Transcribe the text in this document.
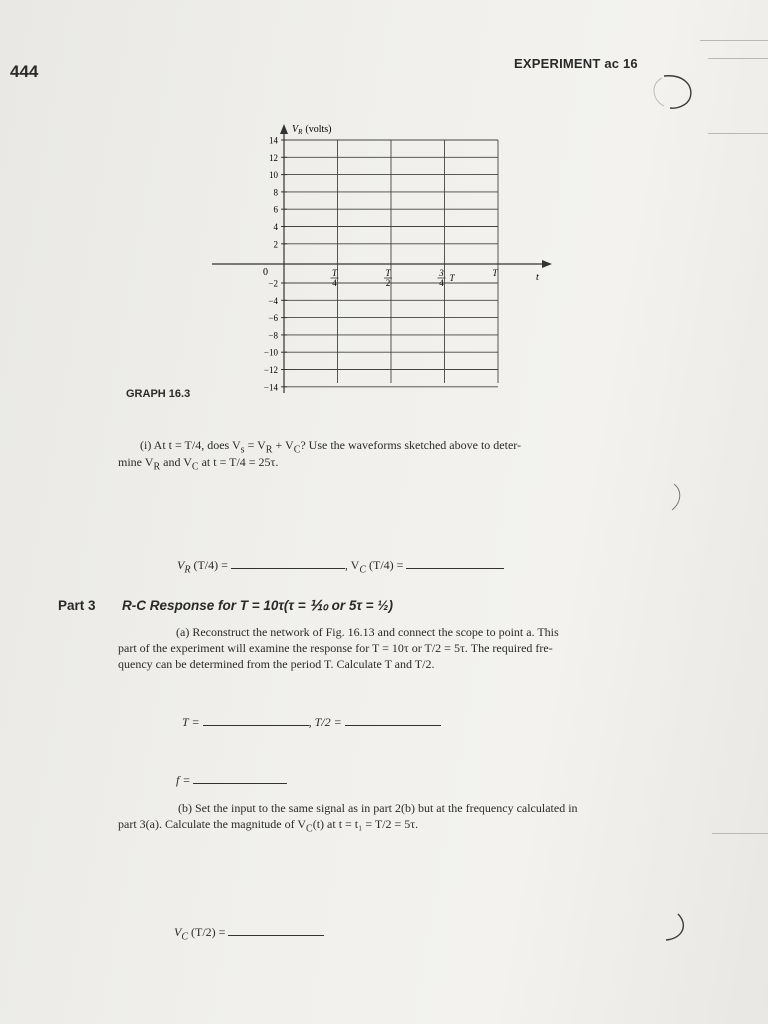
444	EXPERIMENT ac 16
14
12
10
8
6
4
2
−2
−4
−6
−8
−10
−12
−14
T
4
T
2
3
4 T	T
$V_R$ (volts)
0	t
GRAPH 16.3
(i) At t = T/4, does $V_s = V_R + V_C$? Use the waveforms sketched above to deter-
mine $V_R$ and $V_C$ at t = T/4 = 25τ.
$V_R$ (T/4) =	, $V_C$ (T/4) =
Part 3 R-C Response for T = 10τ(τ = ⅒ or 5τ = ½)
(a) Reconstruct the network of Fig. 16.13 and connect the scope to point a. This
part of the experiment will examine the response for T = 10τ or T/2 = 5τ. The required fre-
quency can be determined from the period T. Calculate T and T/2.
T =	, T/2 =
f =
(b) Set the input to the same signal as in part 2(b) but at the frequency calculated in
part 3(a). Calculate the magnitude of $V_C(t)$ at t = t₁ = T/2 = 5τ.
$V_C$ (T/2) =
